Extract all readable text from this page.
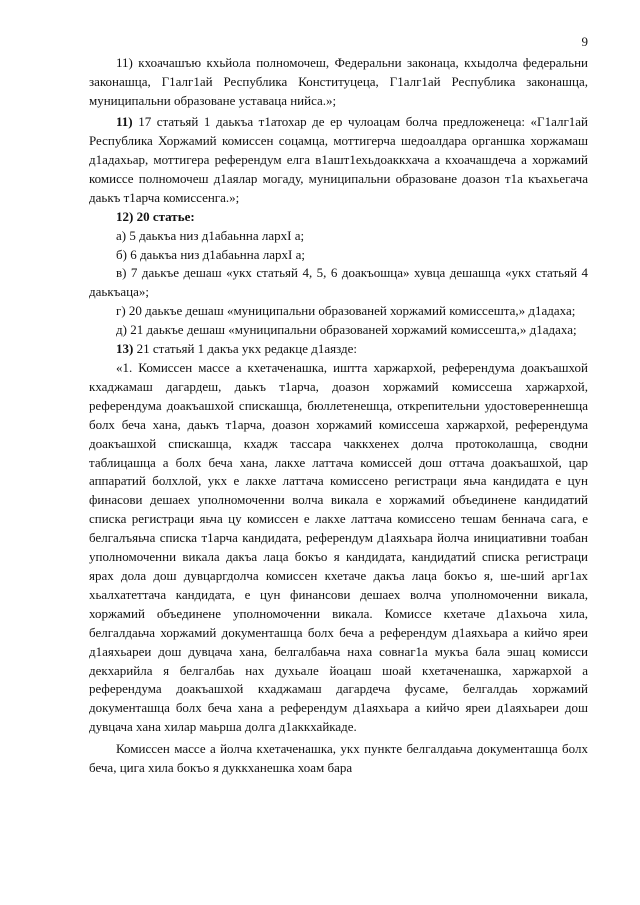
9

11) кхоачашъю кхьйола полномочеш, Федеральни законаца, кхыдолча федеральни законашца, Г1алг1ай Республика Конституцеца, Г1алг1ай Республика законашца, муниципальни образоване уставаца нийса.»;

11) 17 статьяй 1 даькъа т1атохар де ер чулоацам болча предложенеца: «Г1алг1ай Республика Хоржамий комиссен соцамца, моттигерча шедоалдара органшка хоржамаш д1адахьар, моттигера референдум елга в1ашт1ехьдоаккхача а кхоачашдеча а хоржамий комиссе полномочеш д1аялар могаду, муниципальни образоване доазон т1а къахьегача даькъ т1арча комиссенга.»;

12) 20 статье:

а) 5 даькъа низ д1абаьнна лархI а;

б) 6 даькъа низ д1абаьнна лархI а;

в) 7 даькъе дешаш «укх статьяй 4, 5, 6 доакъошца» хувца дешашца «укх статьяй 4 даькъаца»;

г) 20 даькъе дешаш «муниципальни образованей хоржамий комиссешта,» д1адаха;

д) 21 даькъе дешаш «муниципальни образованей хоржамий комиссешта,» д1адаха;

13) 21 статьяй 1 дакъа укх редакце д1аязде:

«1. Комиссен массе а кхетаченашка, иштта харжархой, референдума доакъашхой кхаджамаш дагардеш, даькъ т1арча, доазон хоржамий комиссеша харжархой, референдума доакъашхой спискашца, бюллетенешца, открепительни удостовереннешца болх беча хана, даькъ т1арча, доазон хоржамий комиссеша харжархой, референдума доакъашхой спискашца, кхадж тассара чаккхенех долча протоколашца, сводни таблицашца а болх беча хана, лакхе латтача комиссей дош оттача доакъашхой, цар аппаратий болхлой, укх е лакхе латтача комиссено регистраци яьча кандидата е цун финасови дешаех уполномоченни волча викала е хоржамий объединене кандидатий списка регистраци яьча цу комиссен е лакхе латтача комиссено тешам беннача сага, е белгалъяьча списка т1арча кандидата, референдум д1аяхьара йолча инициативни тоабан уполномоченни викала дакъа лаца бокъо я кандидата, кандидатий списка регистраци ярах дола дош дувцаргдолча комиссен кхетаче дакъа лаца бокъо я, ше-ший арг1ах хьалхатеттача кандидата, е цун финансови дешаех волча уполномоченни викала, хоржамий объединене уполномоченни викала. Комиссе кхетаче д1ахьоча хила, белгалдаьча хоржамий документашца болх беча а референдум д1аяхьара а кийчо яреи д1аяхьареи дош дувцача хана, белгалбаьча наха совнаг1а мукъа бала эшац комисси декхарийла я белгалбаь нах духьале йоацаш шоай кхетаченашка, харжархой а референдума доакъашхой кхаджамаш дагардеча фусаме, белгалдаь хоржамий документашца болх беча хана а референдум д1аяхьара а кийчо яреи д1аяхьареи дош дувцача хана хилар маьрша долга д1аккхайкаде.

Комиссен массе а йолча кхетаченашка, укх пункте белгалдаьча документашца болх беча, цига хила бокъо я дуккханешка хоам бара
